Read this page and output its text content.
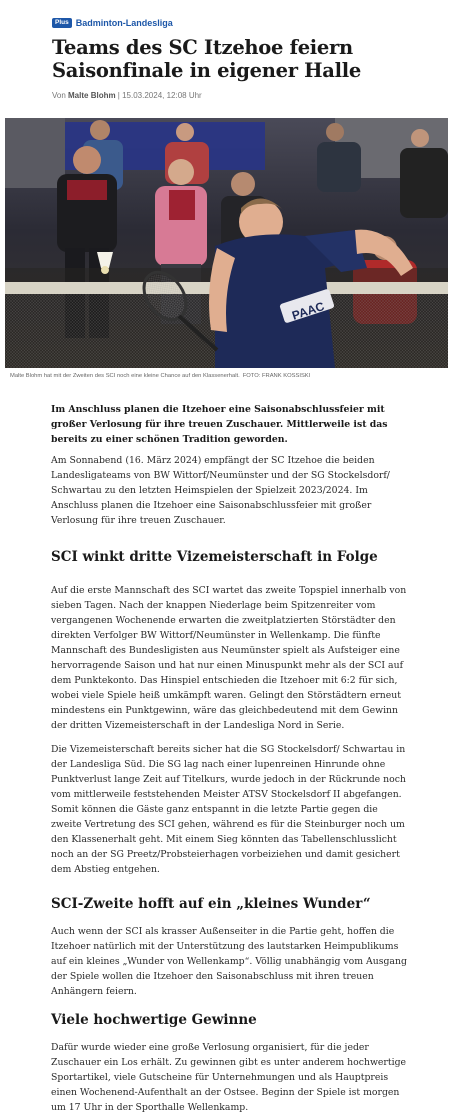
Plus Badminton-Landesliga
Teams des SC Itzehoe feiern Saisonfinale in eigener Halle
Von Malte Blohm | 15.03.2024, 12:08 Uhr
PAAC
Malte Blohm hat mit der Zweiten des SCI noch eine kleine Chance auf den Klassenerhalt. FOTO: FRANK KOSSISKI

Im Anschluss planen die Itzehoer eine Saisonabschlussfeier mit großer Verlosung für ihre treuen Zuschauer. Mittlerweile ist das bereits zu einer schönen Tradition geworden.

Am Sonnabend (16. März 2024) empfängt der SC Itzehoe die beiden Landesligateams von BW Wittorf/Neumünster und der SG Stockelsdorf/ Schwartau zu den letzten Heimspielen der Spielzeit 2023/2024. Im Anschluss planen die Itzehoer eine Saisonabschlussfeier mit großer Verlosung für ihre treuen Zuschauer.

SCI winkt dritte Vizemeisterschaft in Folge

Auf die erste Mannschaft des SCI wartet das zweite Topspiel innerhalb von sieben Tagen. Nach der knappen Niederlage beim Spitzenreiter vom vergangenen Wochenende erwarten die zweitplatzierten Störstädter den direkten Verfolger BW Wittorf/Neumünster in Wellenkamp. Die fünfte Mannschaft des Bundesligisten aus Neumünster spielt als Aufsteiger eine hervorragende Saison und hat nur einen Minuspunkt mehr als der SCI auf dem Punktekonto. Das Hinspiel entschieden die Itzehoer mit 6:2 für sich, wobei viele Spiele heiß umkämpft waren. Gelingt den Störstädtern erneut mindestens ein Punktgewinn, wäre das gleichbedeutend mit dem Gewinn der dritten Vizemeisterschaft in der Landesliga Nord in Serie.

Die Vizemeisterschaft bereits sicher hat die SG Stockelsdorf/ Schwartau in der Landesliga Süd. Die SG lag nach einer lupenreinen Hinrunde ohne Punktverlust lange Zeit auf Titelkurs, wurde jedoch in der Rückrunde noch vom mittlerweile feststehenden Meister ATSV Stockelsdorf II abgefangen. Somit können die Gäste ganz entspannt in die letzte Partie gegen die zweite Vertretung des SCI gehen, während es für die Steinburger noch um den Klassenerhalt geht. Mit einem Sieg könnten das Tabellenschlusslicht noch an der SG Preetz/Probsteierhagen vorbeiziehen und damit gesichert dem Abstieg entgehen.

SCI-Zweite hofft auf ein „kleines Wunder“

Auch wenn der SCI als krasser Außenseiter in die Partie geht, hoffen die Itzehoer natürlich mit der Unterstützung des lautstarken Heimpublikums auf ein kleines „Wunder von Wellenkamp“. Völlig unabhängig vom Ausgang der Spiele wollen die Itzehoer den Saisonabschluss mit ihren treuen Anhängern feiern.

Viele hochwertige Gewinne

Dafür wurde wieder eine große Verlosung organisiert, für die jeder Zuschauer ein Los erhält. Zu gewinnen gibt es unter anderem hochwertige Sportartikel, viele Gutscheine für Unternehmungen und als Hauptpreis einen Wochenend-Aufenthalt an der Ostsee. Beginn der Spiele ist morgen um 17 Uhr in der Sporthalle Wellenkamp.
